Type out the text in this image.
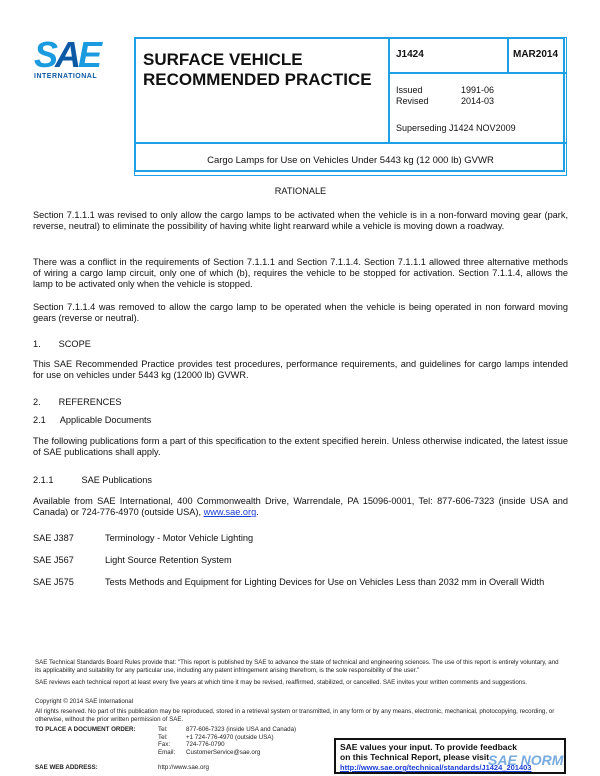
SAE
INTERNATIONAL
SURFACE VEHICLE
RECOMMENDED PRACTICE
J1424	MAR2014
Issued	1991-06
Revised	2014-03
Superseding J1424 NOV2009
Cargo Lamps for Use on Vehicles Under 5443 kg (12 000 lb) GVWR
RATIONALE
Section 7.1.1.1 was revised to only allow the cargo lamps to be activated when the vehicle is in a non-forward moving gear (park, reverse, neutral) to eliminate the possibility of having white light rearward while a vehicle is moving down a roadway.
There was a conflict in the requirements of Section 7.1.1.1 and Section 7.1.1.4. Section 7.1.1.1 allowed three alternative methods of wiring a cargo lamp circuit, only one of which (b), requires the vehicle to be stopped for activation. Section 7.1.1.4, allows the lamp to be activated only when the vehicle is stopped.
Section 7.1.1.4 was removed to allow the cargo lamp to be operated when the vehicle is being operated in non forward moving gears (reverse or neutral).
1. SCOPE
This SAE Recommended Practice provides test procedures, performance requirements, and guidelines for cargo lamps intended for use on vehicles under 5443 kg (12000 lb) GVWR.
2. REFERENCES
2.1 Applicable Documents
The following publications form a part of this specification to the extent specified herein. Unless otherwise indicated, the latest issue of SAE publications shall apply.
2.1.1	SAE Publications
Available from SAE International, 400 Commonwealth Drive, Warrendale, PA 15096-0001, Tel: 877-606-7323 (inside USA and Canada) or 724-776-4970 (outside USA), www.sae.org.
SAE J387	Terminology - Motor Vehicle Lighting
SAE J567	Light Source Retention System
SAE J575	Tests Methods and Equipment for Lighting Devices for Use on Vehicles Less than 2032 mm in Overall Width
SAE Technical Standards Board Rules provide that: "This report is published by SAE to advance the state of technical and engineering sciences. The use of this report is entirely voluntary, and its applicability and suitability for any particular use, including any patent infringement arising therefrom, is the sole responsibility of the user."
SAE reviews each technical report at least every five years at which time it may be revised, reaffirmed, stabilized, or cancelled. SAE invites your written comments and suggestions.
Copyright © 2014 SAE International
All rights reserved. No part of this publication may be reproduced, stored in a retrieval system or transmitted, in any form or by any means, electronic, mechanical, photocopying, recording, or otherwise, without the prior written permission of SAE.
TO PLACE A DOCUMENT ORDER:	Tel:	877-606-7323 (inside USA and Canada)
Tel:	+1 724-776-4970 (outside USA)
Fax:	724-776-0790
Email: CustomerService@sae.org
SAE WEB ADDRESS:	http://www.sae.org
SAE values your input. To provide feedback
on this Technical Report, please visit
http://www.sae.org/technical/standards/J1424_201403
SAE NORM
